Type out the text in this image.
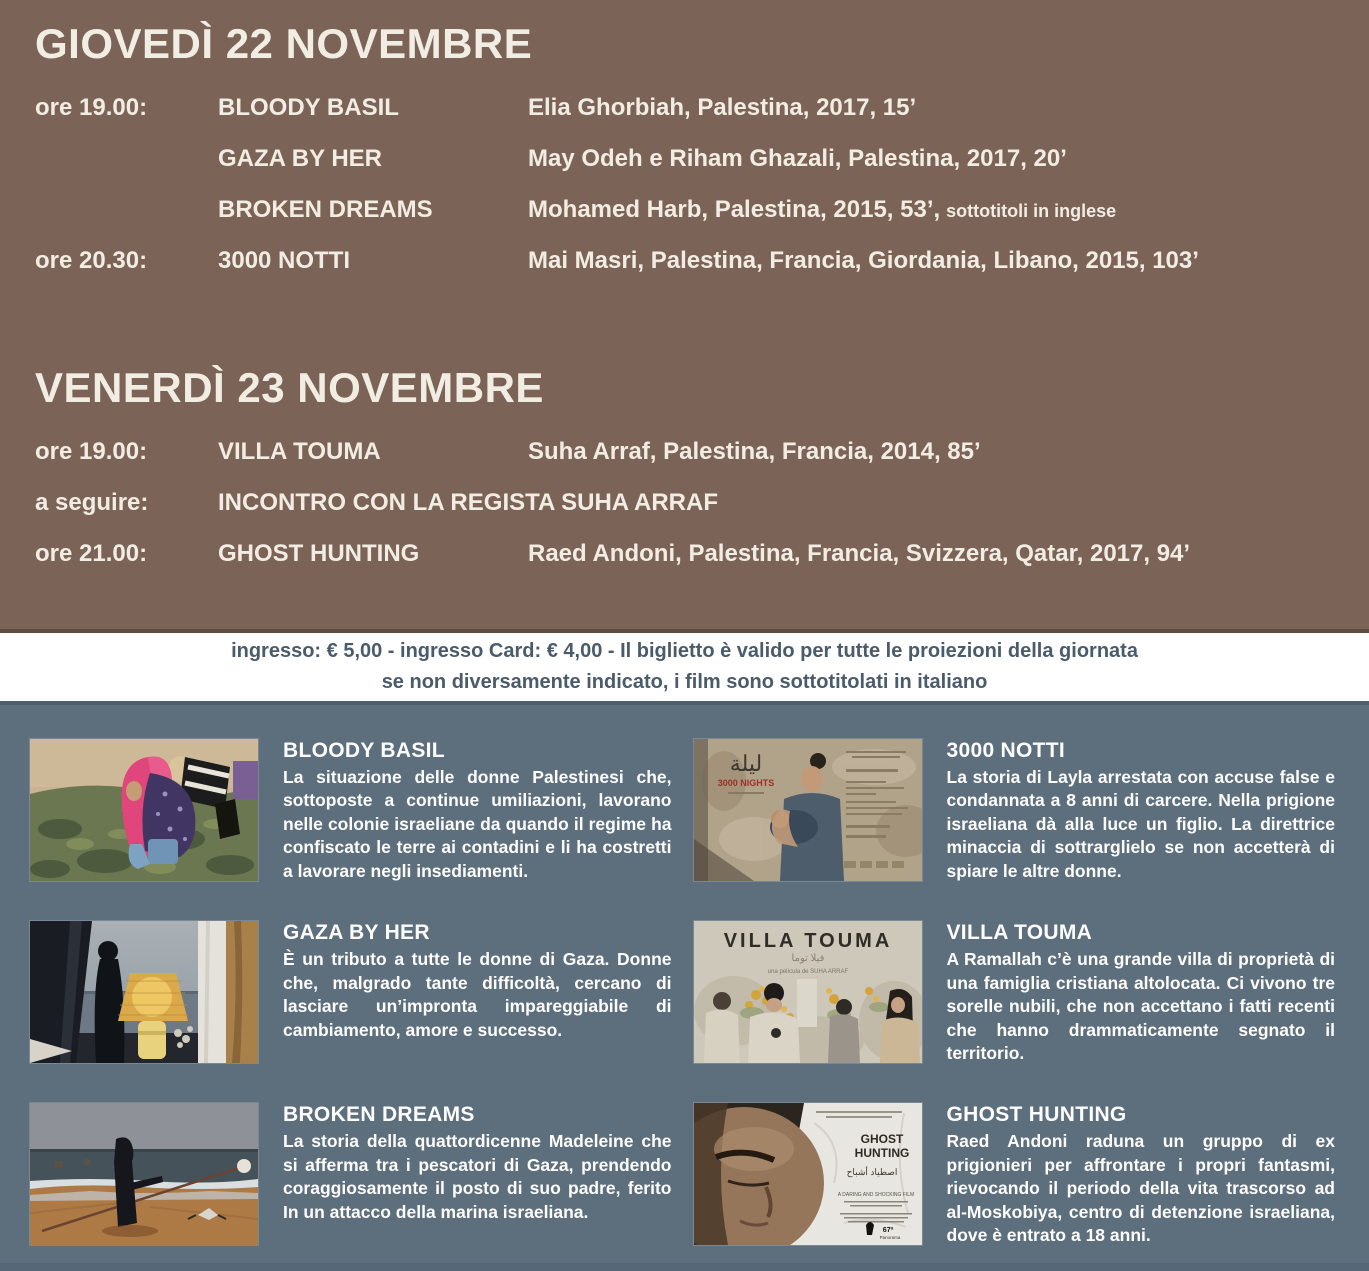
GIOVEDÌ 22 NOVEMBRE
ore 19.00:	BLOODY BASIL	Elia Ghorbiah, Palestina, 2017, 15’
GAZA BY HER	May Odeh e Riham Ghazali, Palestina, 2017, 20’
BROKEN DREAMS	Mohamed Harb, Palestina, 2015, 53’, sottotitoli in inglese
ore 20.30:	3000 NOTTI	Mai Masri, Palestina, Francia, Giordania, Libano, 2015, 103’
VENERDÌ 23 NOVEMBRE
ore 19.00:	VILLA TOUMA	Suha Arraf, Palestina, Francia, 2014, 85’
a seguire:	INCONTRO CON LA REGISTA SUHA ARRAF
ore 21.00:	GHOST HUNTING	Raed Andoni, Palestina, Francia, Svizzera, Qatar, 2017, 94’
ingresso: € 5,00 - ingresso Card: € 4,00 - Il biglietto è valido per tutte le proiezioni della giornata
se non diversamente indicato, i film sono sottotitolati in italiano
BLOODY BASIL
La situazione delle donne Palestinesi che, sottoposte a continue umiliazioni, lavorano nelle colonie israeliane da quando il regime ha confiscato le terre ai contadini e li ha costretti a lavorare negli insediamenti.
ليلة
3000 NIGHTS
3000 NOTTI
La storia di Layla arrestata con accuse false e condannata a 8 anni di carcere. Nella prigione israeliana dà alla luce un figlio. La direttrice minaccia di sottrarglielo se non accetterà di spiare le altre donne.
GAZA BY HER
È un tributo a tutte le donne di Gaza. Donne che, malgrado tante difficoltà, cercano di lasciare un’impronta impareggiabile di cambiamento, amore e successo.
VILLA TOUMA
فيلا توما
una película de SUHA ARRAF
VILLA TOUMA
A Ramallah c’è una grande villa di proprietà di una famiglia cristiana altolocata. Ci vivono tre sorelle nubili, che non accettano i fatti recenti che hanno drammaticamente segnato il territorio.
BROKEN DREAMS
La storia della quattordicenne Madeleine che si afferma tra i pescatori di Gaza, prendendo coraggiosamente il posto di suo padre, ferito In un attacco della marina israeliana.
GHOST
HUNTING
اصطياد أشباح
A DARING AND SHOCKING FILM
67ª
Panorama
GHOST HUNTING
Raed Andoni raduna un gruppo di ex prigionieri per affrontare i propri fantasmi, rievocando il periodo della vita trascorso ad al-Moskobiya, centro di detenzione israeliana, dove è entrato a 18 anni.
